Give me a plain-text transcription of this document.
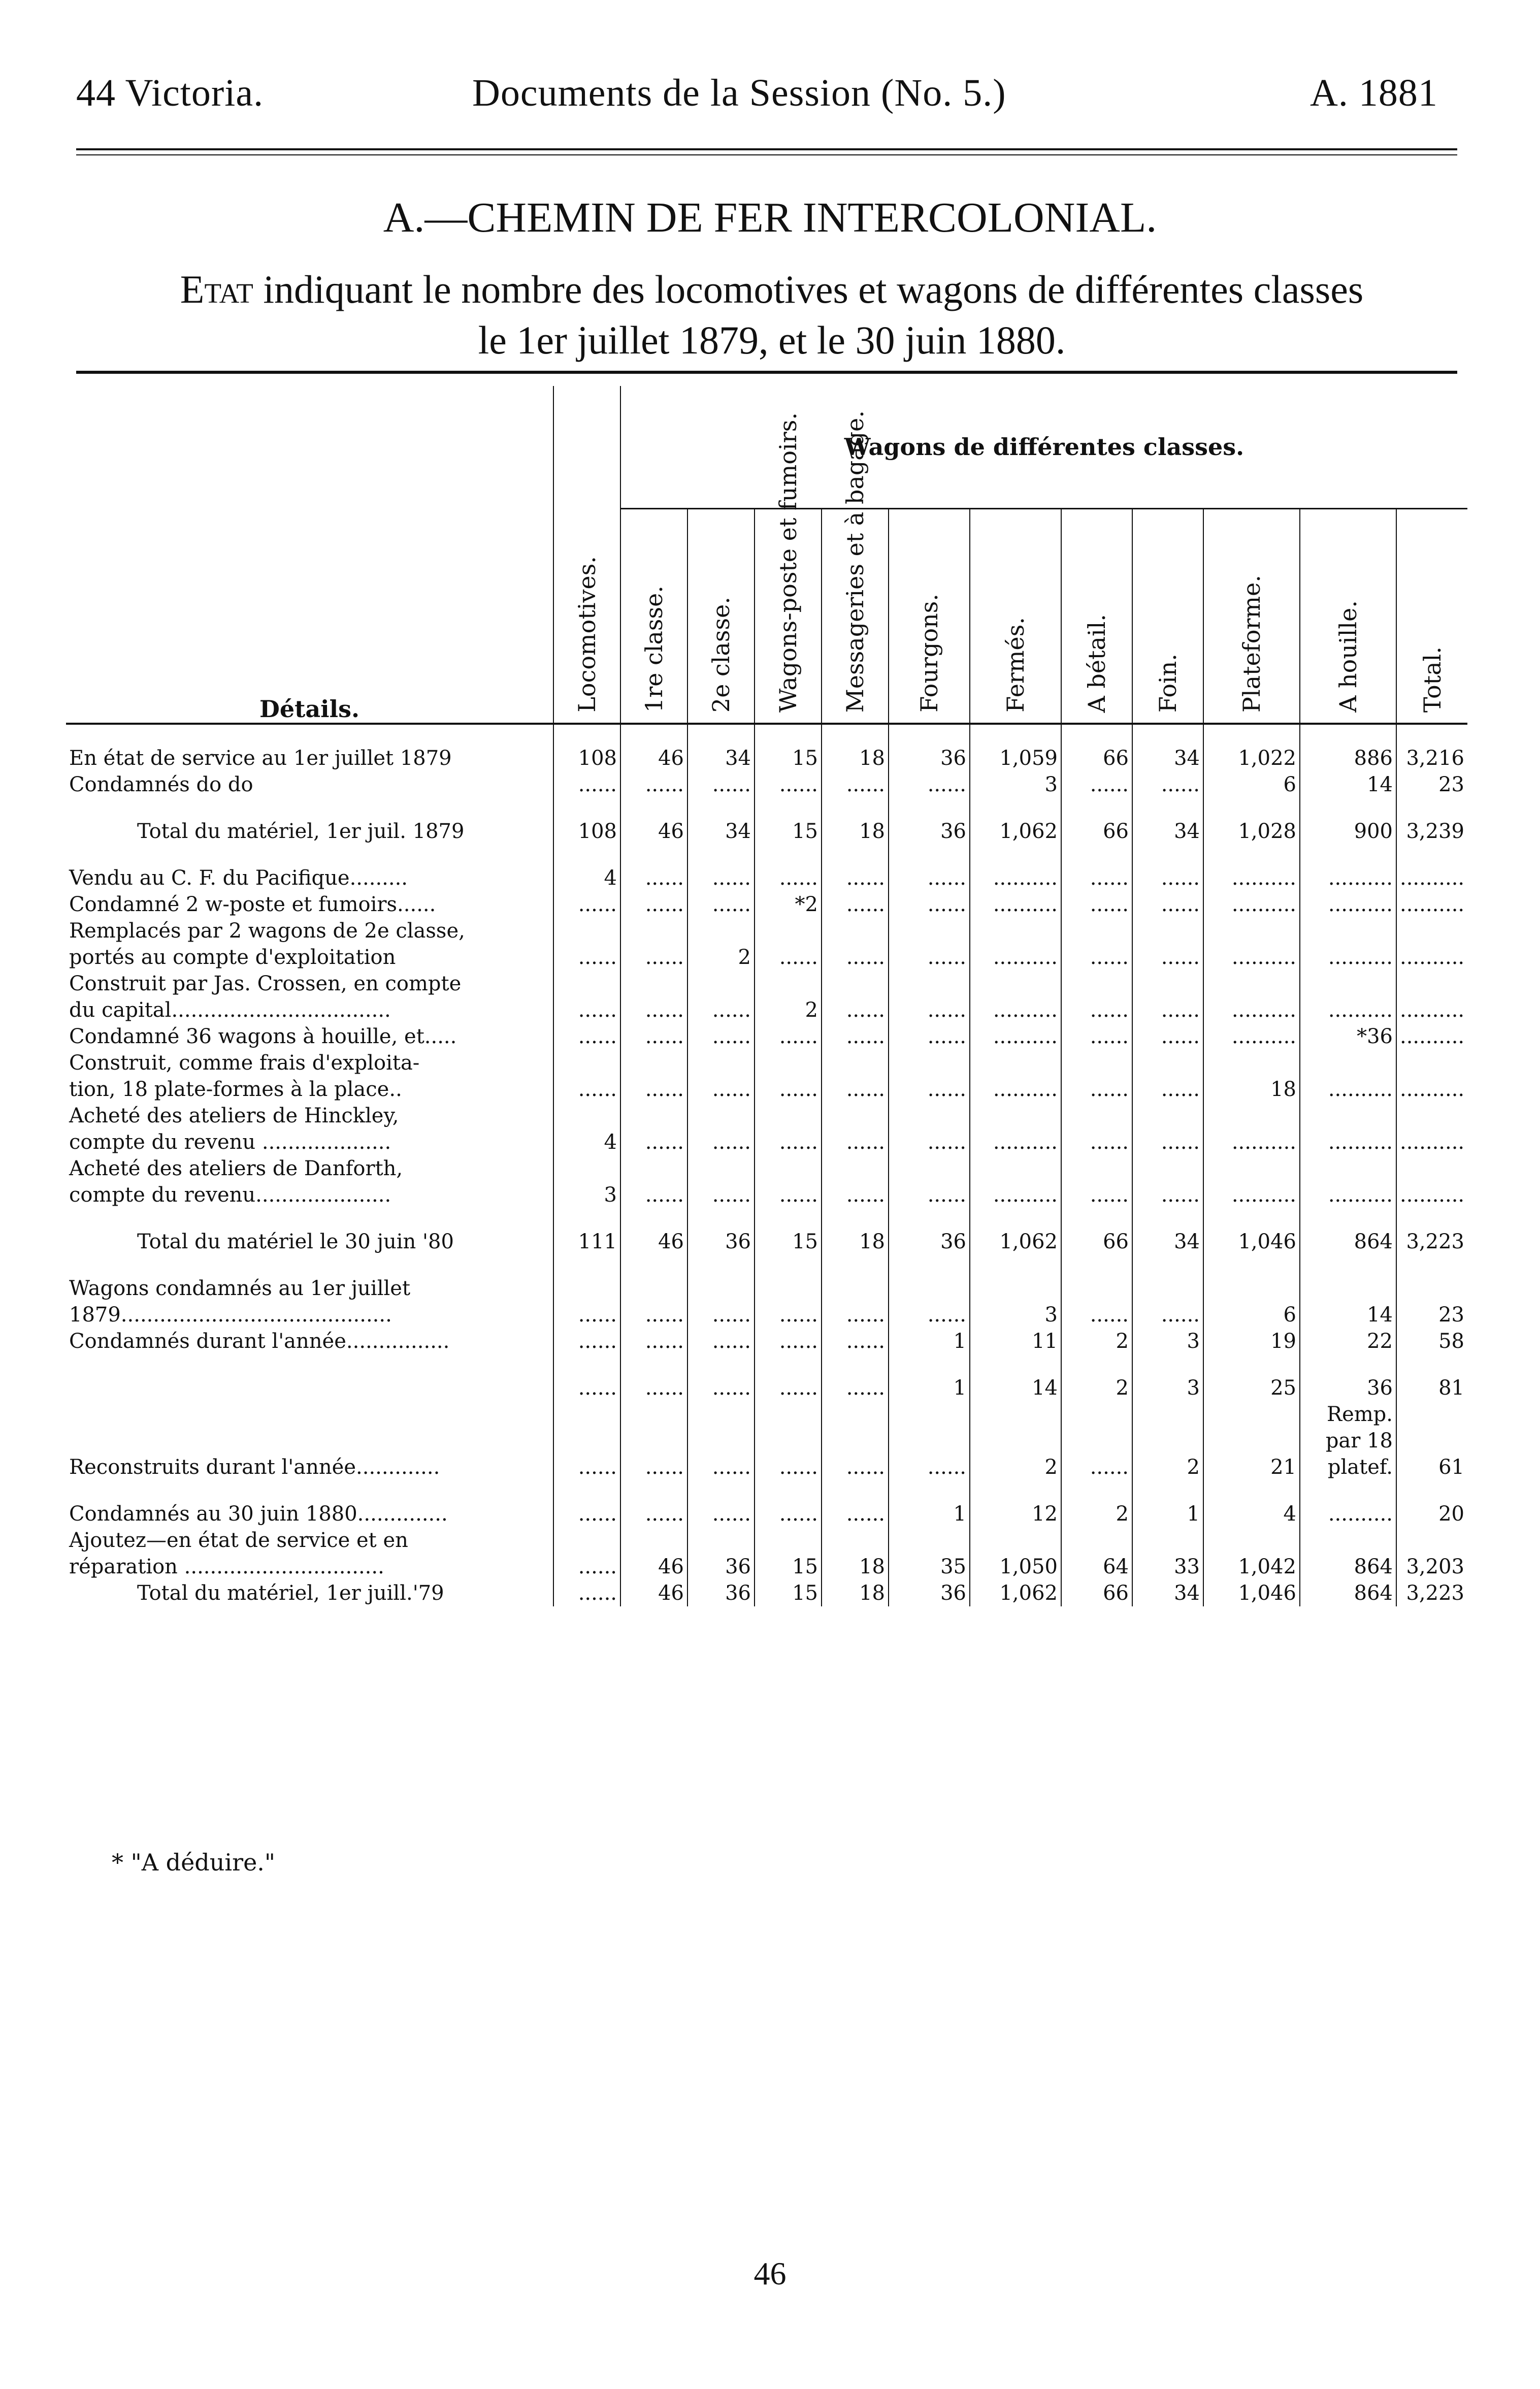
44 Victoria.	Documents de la Session (No. 5.)	A. 1881
A.—CHEMIN DE FER INTERCOLONIAL.
Etat indiquant le nombre des locomotives et wagons de différentes classes
le 1er juillet 1879, et le 30 juin 1880.
Détails.	Locomotives.	Wagons de différentes classes.										

		1re classe.	2e classe.	Wagons-poste et fumoirs.	Messageries et à bagage.	Fourgons.	Fermés.	A bétail.	Foin.	Plateforme.	A houille.	Total.

En état de service au 1er juillet 1879	108	46	34	15	18	36	1,059	66	34	1,022	886	3,216
Condamnés do do	......	......	......	......	......	......	3	......	......	6	14	23

Total du matériel, 1er juil. 1879	108	46	34	15	18	36	1,062	66	34	1,028	900	3,239

Vendu au C. F. du Pacifique.........	4	......	......	......	......	......	..........	......	......	..........	..........	..........
Condamné 2 w-poste et fumoirs......	......	......	......	*2	......	......	..........	......	......	..........	..........	..........
Remplacés par 2 wagons de 2e classe,												
portés au compte d'exploitation	......	......	2	......	......	......	..........	......	......	..........	..........	..........
Construit par Jas. Crossen, en compte												
du capital..................................	......	......	......	2	......	......	..........	......	......	..........	..........	..........
Condamné 36 wagons à houille, et.....	......	......	......	......	......	......	..........	......	......	..........	*36	..........
Construit, comme frais d'exploita-												
tion, 18 plate-formes à la place..	......	......	......	......	......	......	..........	......	......	18	..........	..........
Acheté des ateliers de Hinckley,												
compte du revenu ....................	4	......	......	......	......	......	..........	......	......	..........	..........	..........
Acheté des ateliers de Danforth,												
compte du revenu.....................	3	......	......	......	......	......	..........	......	......	..........	..........	..........

Total du matériel le 30 juin '80	111	46	36	15	18	36	1,062	66	34	1,046	864	3,223

Wagons condamnés au 1er juillet												
1879..........................................	......	......	......	......	......	......	3	......	......	6	14	23
Condamnés durant l'année................	......	......	......	......	......	1	11	2	3	19	22	58

	......	......	......	......	......	1	14	2	3	25	36	81
											Remp.	
											par 18	
Reconstruits durant l'année.............	......	......	......	......	......	......	2	......	2	21	platef.	61

Condamnés au 30 juin 1880..............	......	......	......	......	......	1	12	2	1	4	..........	20
Ajoutez—en état de service et en												
réparation ...............................	......	46	36	15	18	35	1,050	64	33	1,042	864	3,203
Total du matériel, 1er juill.'79	......	46	36	15	18	36	1,062	66	34	1,046	864	3,223
* "A déduire."
46
